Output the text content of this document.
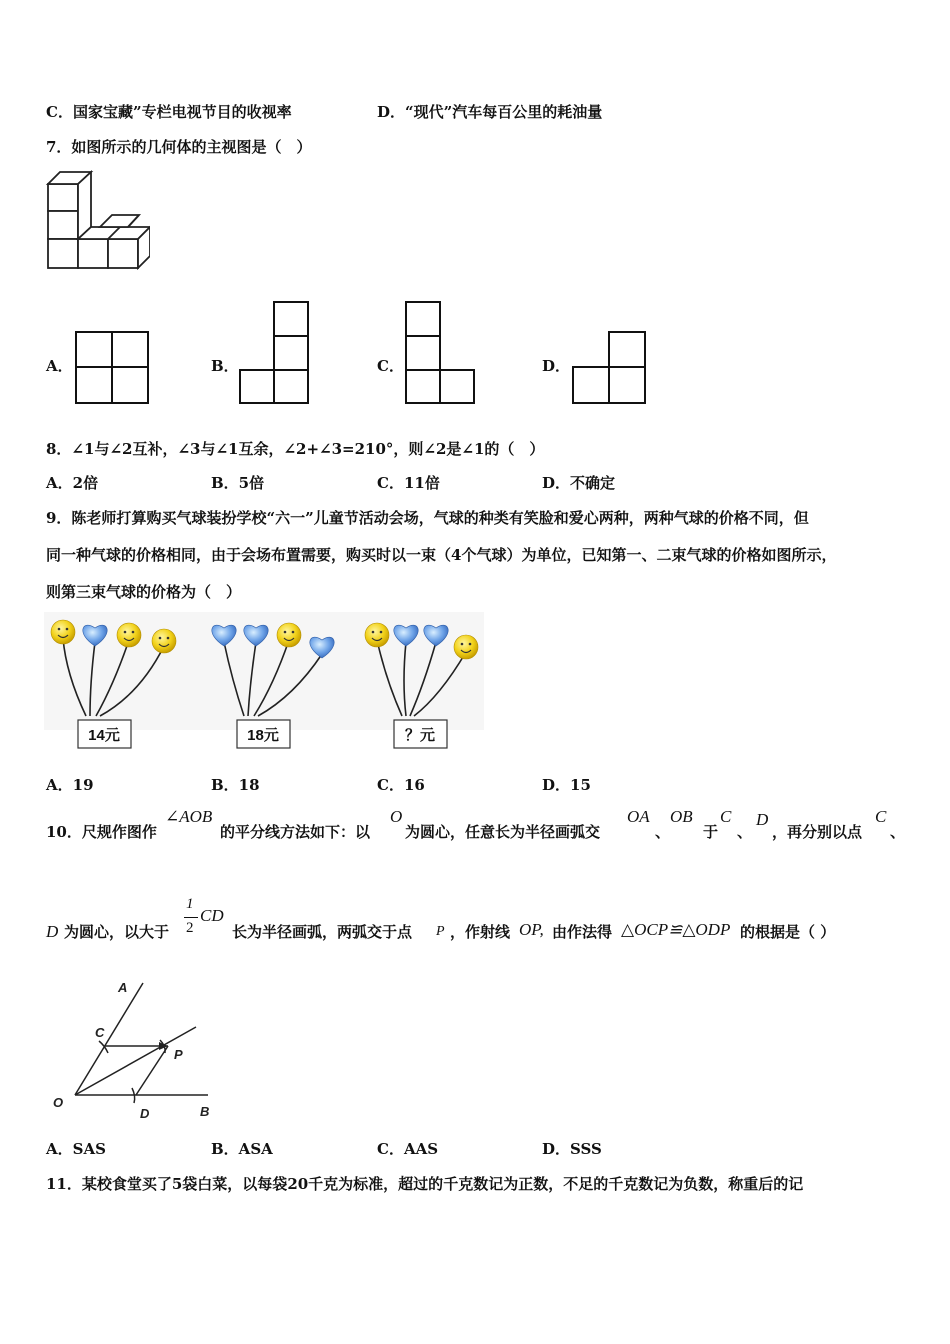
C．国家宝藏”专栏电视节目的收视率	D．“现代”汽车每百公里的耗油量
7．如图所示的几何体的主视图是（　）
A．	B．	C．	D．
8．∠1与∠2互补，∠3与∠1互余，∠2+∠3=210°，则∠2是∠1的（　）
A．2倍	B．5倍	C．11倍	D．不确定
9．陈老师打算购买气球装扮学校“六一”儿童节活动会场，气球的种类有笑脸和爱心两种，两种气球的价格不同，但
同一种气球的价格相同，由于会场布置需要，购买时以一束（4个气球）为单位，已知第一、二束气球的价格如图所示，
则第三束气球的价格为（　）
14元	18元	？元
A．19	B．18	C．16	D．15
10．尺规作图作
∠AOB
的平分线方法如下：以
O
为圆心，任意长为半径画弧交
OA
、
OB
于
C
、
D
，再分别以点
C
、
D 为圆心，以大于
1
2
CD
长为半径画弧，两弧交于点 P ，作射线 OP, 由作法得 △OCP≌△ODP 的根据是（ ）
A
C
P
O
D	B
A．SAS	B．ASA	C．AAS	D．SSS
11．某校食堂买了5袋白菜，以每袋20千克为标准，超过的千克数记为正数，不足的千克数记为负数，称重后的记
